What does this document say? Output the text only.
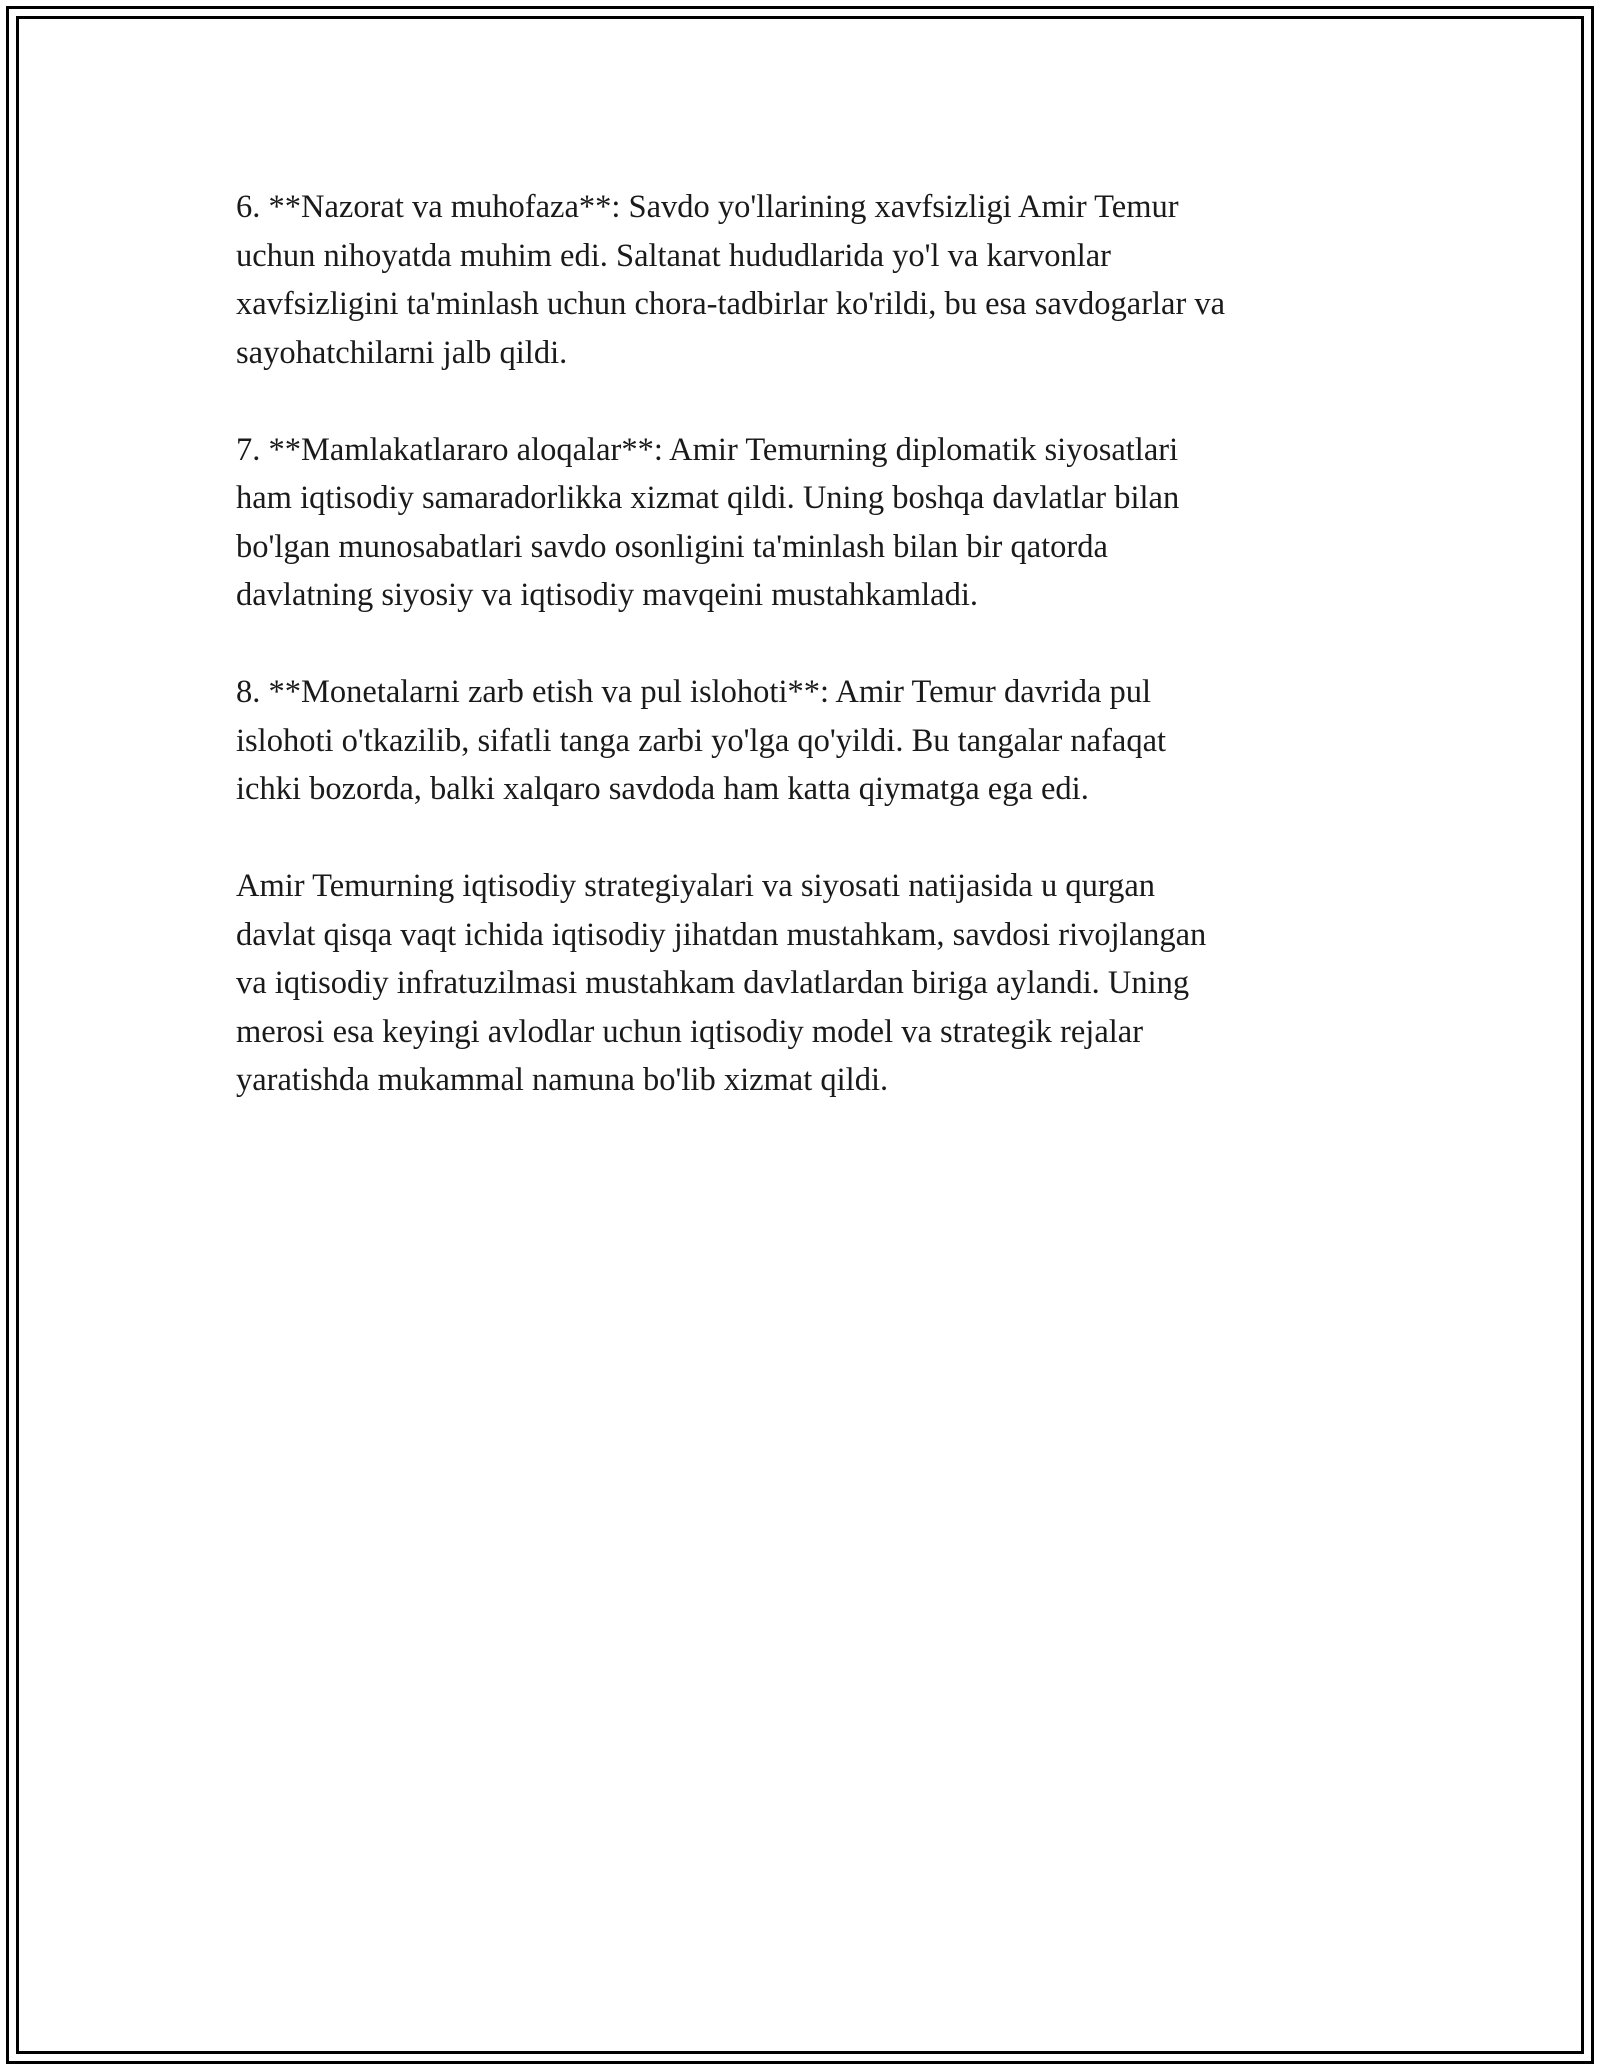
6. **Nazorat va muhofaza**: Savdo yo'llarining xavfsizligi Amir Temur
uchun nihoyatda muhim edi. Saltanat hududlarida yo'l va karvonlar
xavfsizligini ta'minlash uchun chora-tadbirlar ko'rildi, bu esa savdogarlar va
sayohatchilarni jalb qildi.

7. **Mamlakatlararo aloqalar**: Amir Temurning diplomatik siyosatlari
ham iqtisodiy samaradorlikka xizmat qildi. Uning boshqa davlatlar bilan
bo'lgan munosabatlari savdo osonligini ta'minlash bilan bir qatorda
davlatning siyosiy va iqtisodiy mavqeini mustahkamladi.

8. **Monetalarni zarb etish va pul islohoti**: Amir Temur davrida pul
islohoti o'tkazilib, sifatli tanga zarbi yo'lga qo'yildi. Bu tangalar nafaqat
ichki bozorda, balki xalqaro savdoda ham katta qiymatga ega edi.

Amir Temurning iqtisodiy strategiyalari va siyosati natijasida u qurgan
davlat qisqa vaqt ichida iqtisodiy jihatdan mustahkam, savdosi rivojlangan
va iqtisodiy infratuzilmasi mustahkam davlatlardan biriga aylandi. Uning
merosi esa keyingi avlodlar uchun iqtisodiy model va strategik rejalar
yaratishda mukammal namuna bo'lib xizmat qildi.
